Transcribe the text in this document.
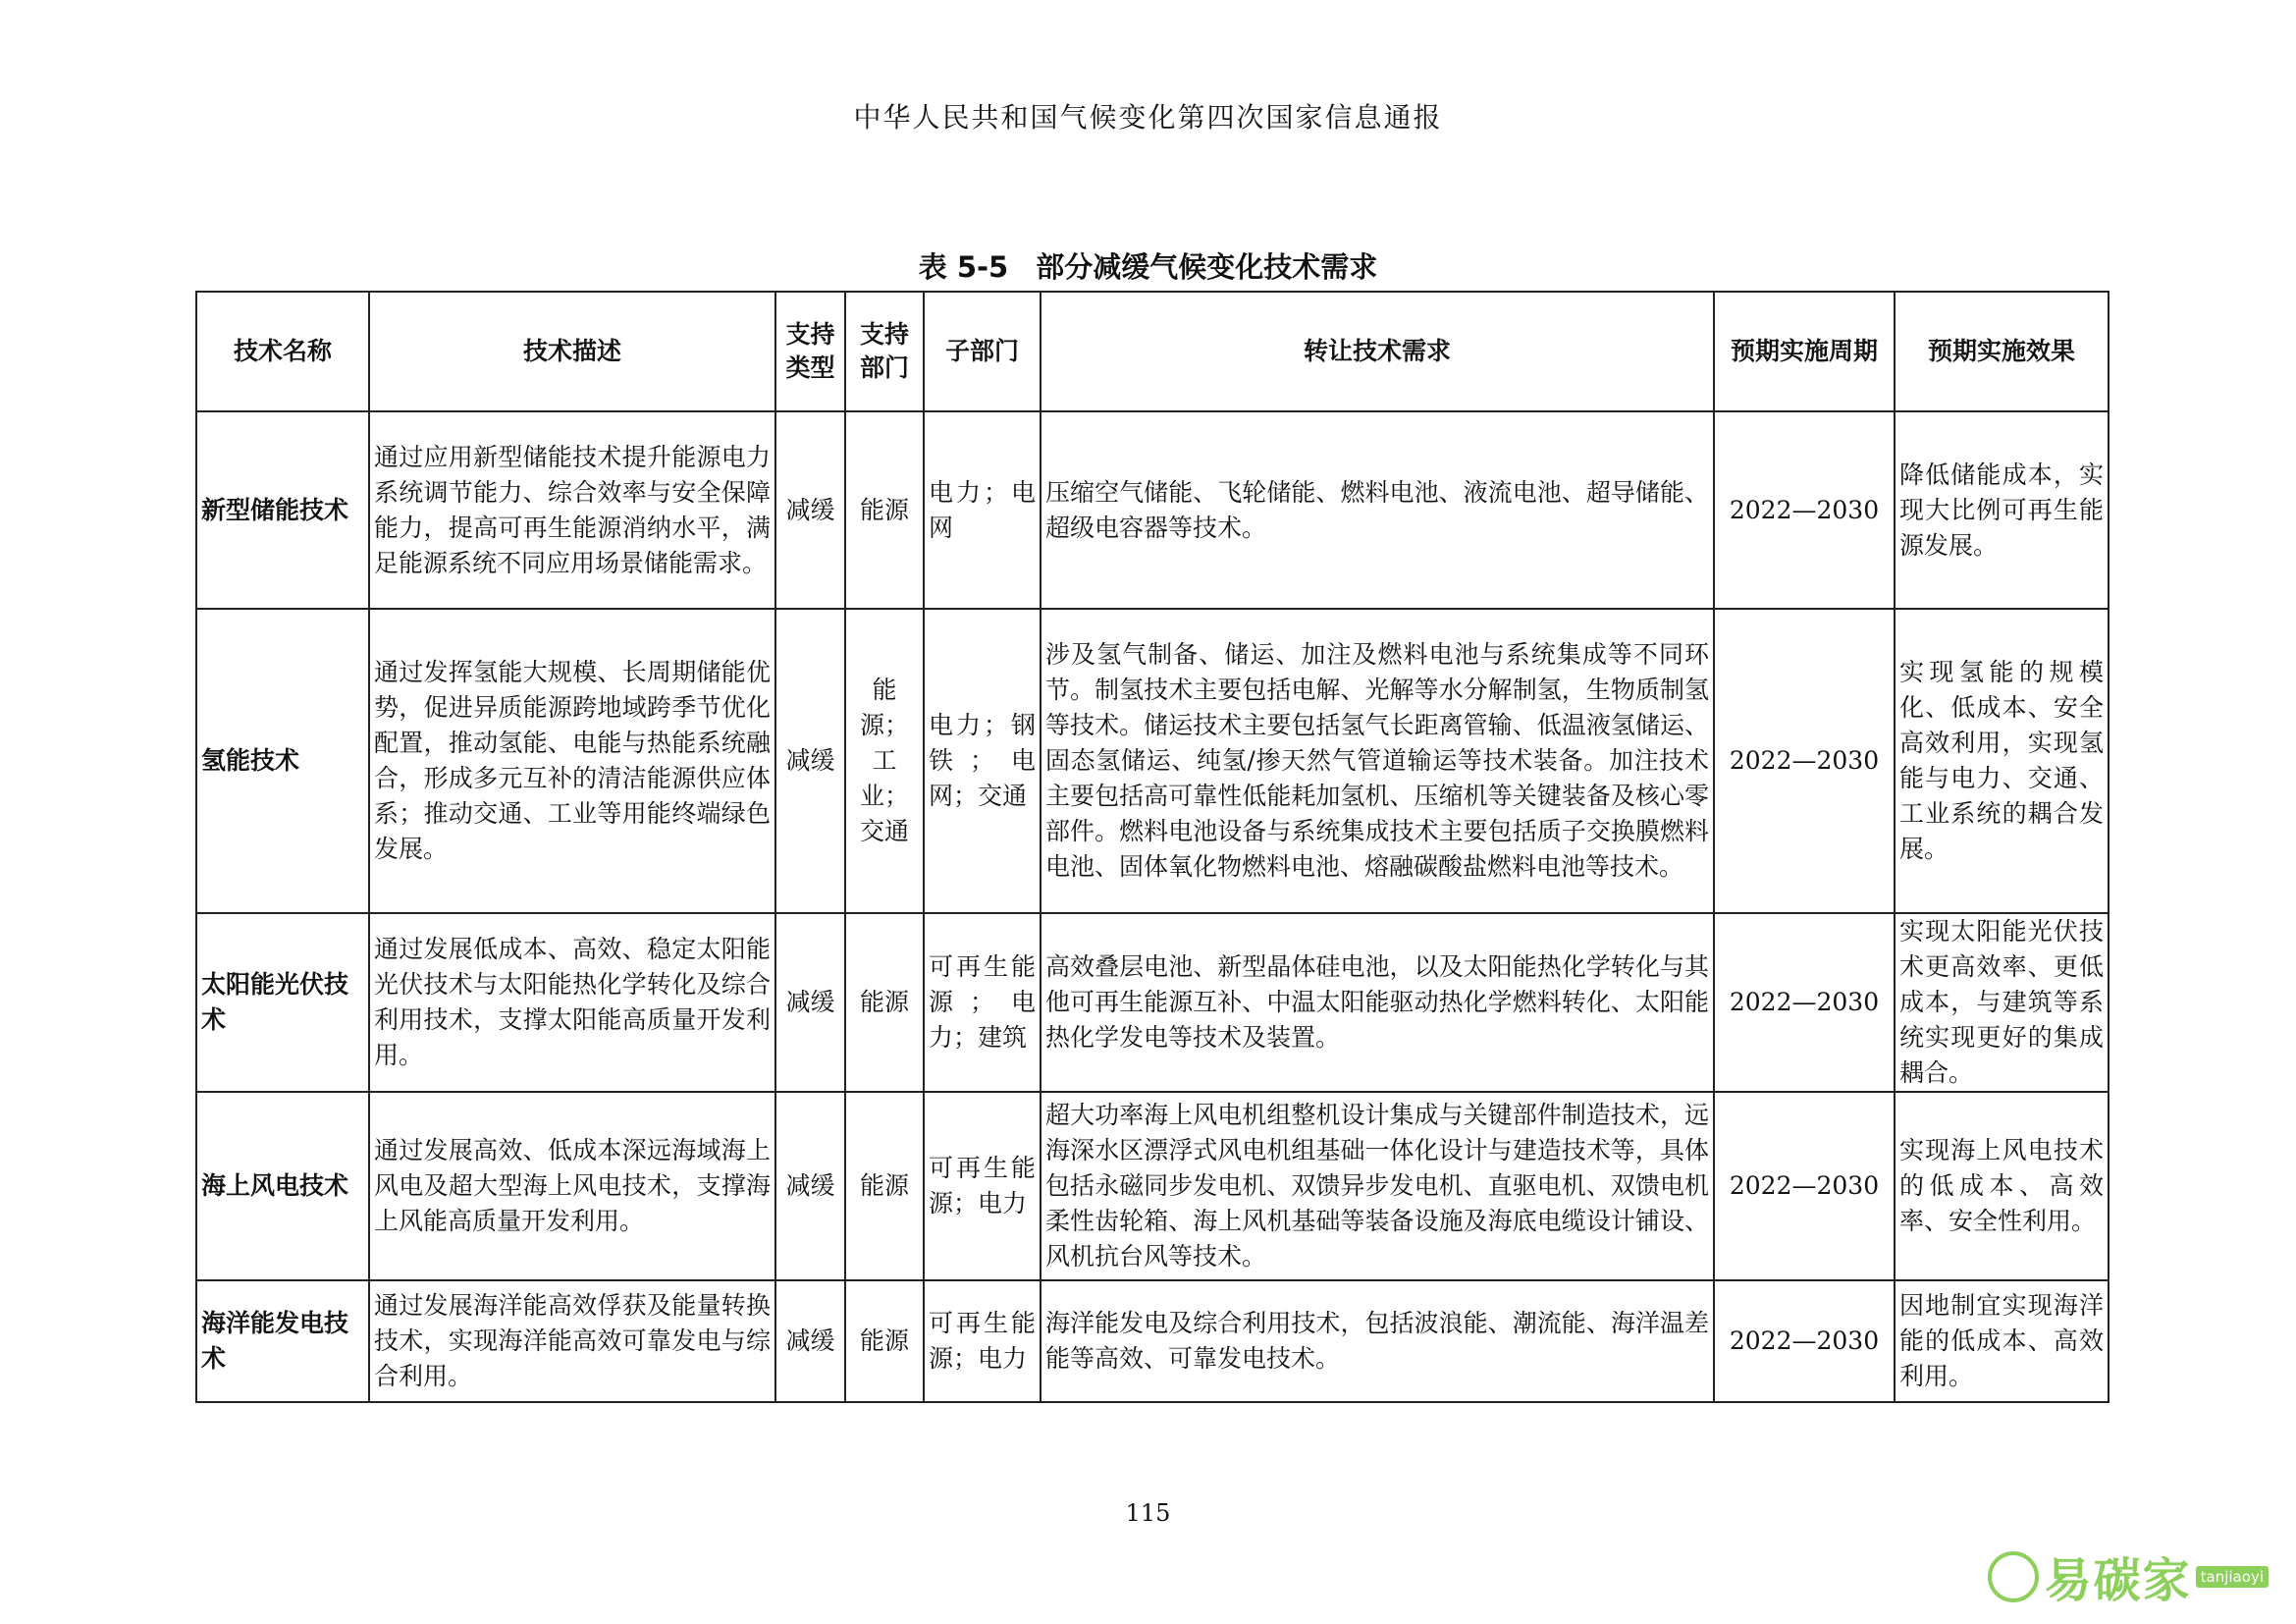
中华人民共和国气候变化第四次国家信息通报
表 5-5 部分减缓气候变化技术需求
技术名称	技术描述	支持类型	支持部门	子部门	转让技术需求	预期实施周期	预期实施效果
新型储能技术	通过应用新型储能技术提升能源电力系统调节能力、综合效率与安全保障能力，提高可再生能源消纳水平，满足能源系统不同应用场景储能需求。	减缓	能源	电力；电网	压缩空气储能、飞轮储能、燃料电池、液流电池、超导储能、超级电容器等技术。	2022—2030	降低储能成本，实现大比例可再生能源发展。
氢能技术	通过发挥氢能大规模、长周期储能优势，促进异质能源跨地域跨季节优化配置，推动氢能、电能与热能系统融合，形成多元互补的清洁能源供应体系；推动交通、工业等用能终端绿色发展。	减缓	能源；工业；交通	电力；钢铁；电网；交通	涉及氢气制备、储运、加注及燃料电池与系统集成等不同环节。制氢技术主要包括电解、光解等水分解制氢，生物质制氢等技术。储运技术主要包括氢气长距离管输、低温液氢储运、固态氢储运、纯氢/掺天然气管道输运等技术装备。加注技术主要包括高可靠性低能耗加氢机、压缩机等关键装备及核心零部件。燃料电池设备与系统集成技术主要包括质子交换膜燃料电池、固体氧化物燃料电池、熔融碳酸盐燃料电池等技术。	2022—2030	实现氢能的规模化、低成本、安全高效利用，实现氢能与电力、交通、工业系统的耦合发展。
太阳能光伏技术	通过发展低成本、高效、稳定太阳能光伏技术与太阳能热化学转化及综合利用技术，支撑太阳能高质量开发利用。	减缓	能源	可再生能源；电力；建筑	高效叠层电池、新型晶体硅电池，以及太阳能热化学转化与其他可再生能源互补、中温太阳能驱动热化学燃料转化、太阳能热化学发电等技术及装置。	2022—2030	实现太阳能光伏技术更高效率、更低成本，与建筑等系统实现更好的集成耦合。
海上风电技术	通过发展高效、低成本深远海域海上风电及超大型海上风电技术，支撑海上风能高质量开发利用。	减缓	能源	可再生能源；电力	超大功率海上风电机组整机设计集成与关键部件制造技术，远海深水区漂浮式风电机组基础一体化设计与建造技术等，具体包括永磁同步发电机、双馈异步发电机、直驱电机、双馈电机柔性齿轮箱、海上风机基础等装备设施及海底电缆设计铺设、风机抗台风等技术。	2022—2030	实现海上风电技术的低成本、高效率、安全性利用。
海洋能发电技术	通过发展海洋能高效俘获及能量转换技术，实现海洋能高效可靠发电与综合利用。	减缓	能源	可再生能源；电力	海洋能发电及综合利用技术，包括波浪能、潮流能、海洋温差能等高效、可靠发电技术。	2022—2030	因地制宜实现海洋能的低成本、高效利用。
115
易碳家 tanjiaoyi
